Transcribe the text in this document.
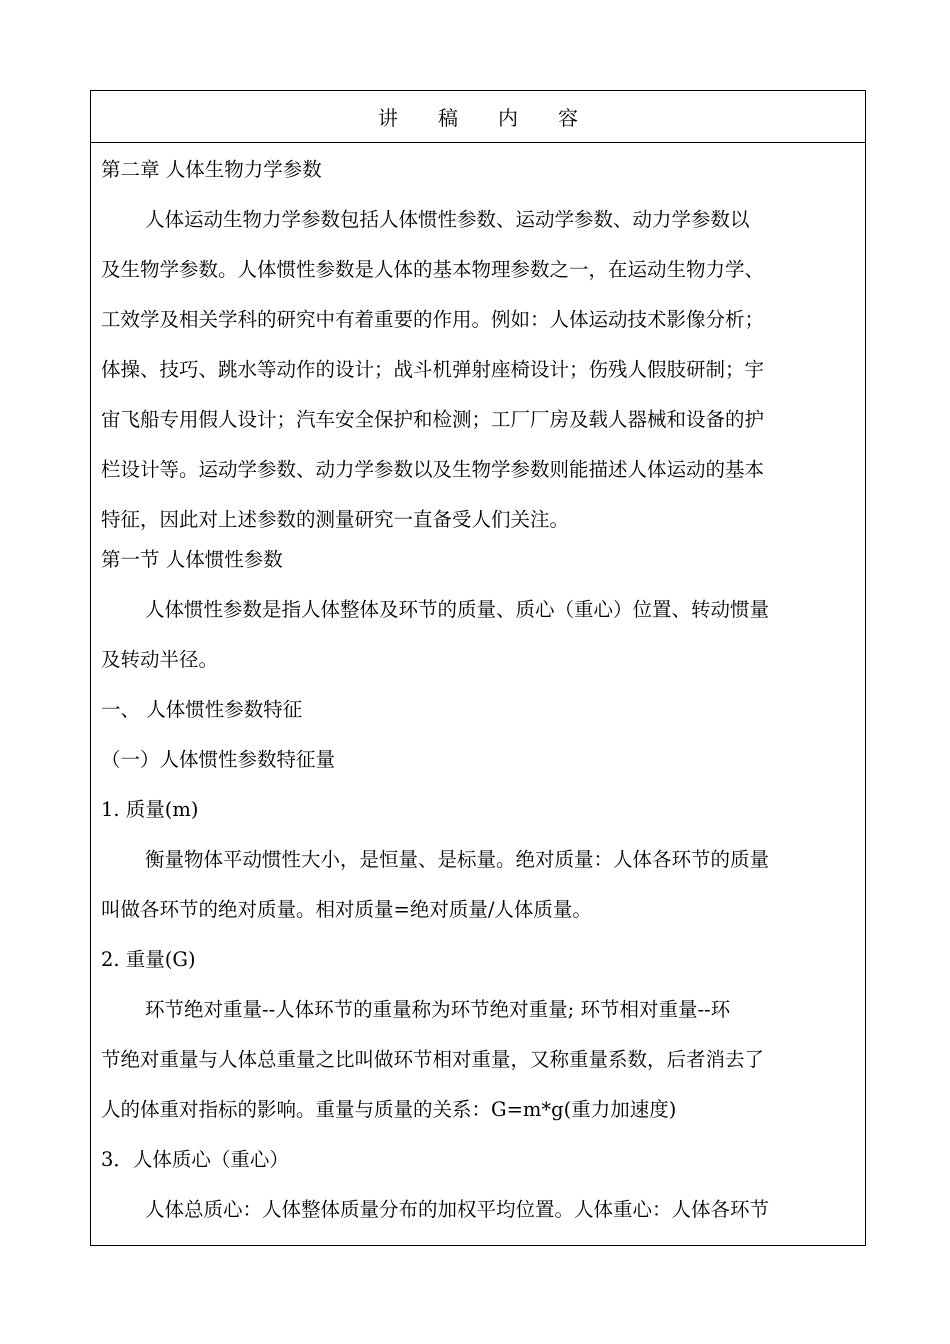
讲稿内容
第二章 人体生物力学参数
人体运动生物力学参数包括人体惯性参数、运动学参数、动力学参数以
及生物学参数。人体惯性参数是人体的基本物理参数之一，在运动生物力学、
工效学及相关学科的研究中有着重要的作用。例如：人体运动技术影像分析；
体操、技巧、跳水等动作的设计；战斗机弹射座椅设计；伤残人假肢研制；宇
宙飞船专用假人设计；汽车安全保护和检测；工厂厂房及载人器械和设备的护
栏设计等。运动学参数、动力学参数以及生物学参数则能描述人体运动的基本
特征，因此对上述参数的测量研究一直备受人们关注。
第一节 人体惯性参数
人体惯性参数是指人体整体及环节的质量、质心（重心）位置、转动惯量
及转动半径。
一、 人体惯性参数特征
（一）人体惯性参数特征量
1. 质量(m)
衡量物体平动惯性大小，是恒量、是标量。绝对质量：人体各环节的质量
叫做各环节的绝对质量。相对质量=绝对质量/人体质量。
2. 重量(G)
环节绝对重量--人体环节的重量称为环节绝对重量; 环节相对重量--环
节绝对重量与人体总重量之比叫做环节相对重量，又称重量系数，后者消去了
人的体重对指标的影响。重量与质量的关系：G=m*g(重力加速度)
3．人体质心（重心）
人体总质心：人体整体质量分布的加权平均位置。人体重心：人体各环节
